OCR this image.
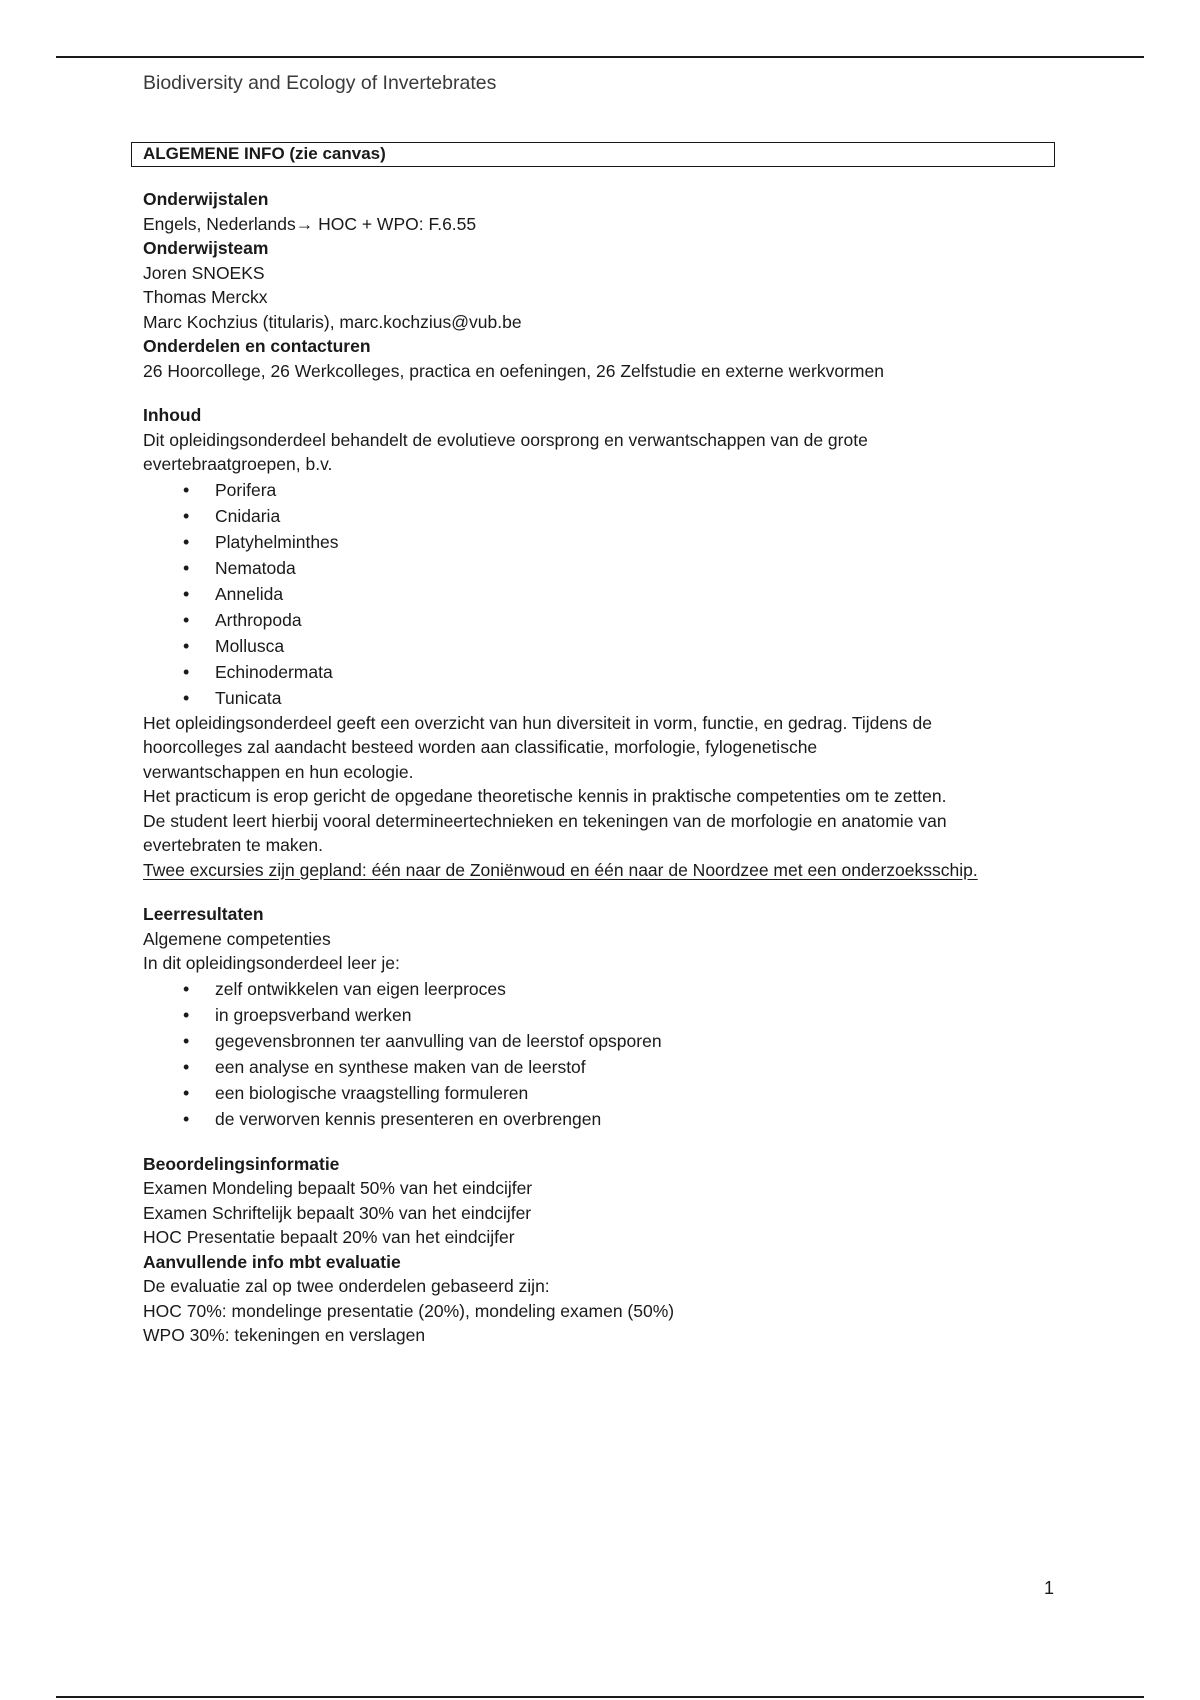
Biodiversity and Ecology of Invertebrates
ALGEMENE INFO (zie canvas)

Onderwijstalen

Engels, Nederlands→ HOC + WPO: F.6.55

Onderwijsteam

Joren SNOEKS

Thomas Merckx

Marc Kochzius (titularis), marc.kochzius@vub.be

Onderdelen en contacturen

26 Hoorcollege, 26 Werkcolleges, practica en oefeningen, 26 Zelfstudie en externe werkvormen

Inhoud

Dit opleidingsonderdeel behandelt de evolutieve oorsprong en verwantschappen van de grote

evertebraatgroepen, b.v.

• Porifera
• Cnidaria
• Platyhelminthes
• Nematoda
• Annelida
• Arthropoda
• Mollusca
• Echinodermata
• Tunicata

Het opleidingsonderdeel geeft een overzicht van hun diversiteit in vorm, functie, en gedrag. Tijdens de

hoorcolleges zal aandacht besteed worden aan classificatie, morfologie, fylogenetische

verwantschappen en hun ecologie.

Het practicum is erop gericht de opgedane theoretische kennis in praktische competenties om te zetten.

De student leert hierbij vooral determineertechnieken en tekeningen van de morfologie en anatomie van

evertebraten te maken.

Twee excursies zijn gepland: één naar de Zoniënwoud en één naar de Noordzee met een onderzoeksschip.

Leerresultaten

Algemene competenties

In dit opleidingsonderdeel leer je:

• zelf ontwikkelen van eigen leerproces
• in groepsverband werken
• gegevensbronnen ter aanvulling van de leerstof opsporen
• een analyse en synthese maken van de leerstof
• een biologische vraagstelling formuleren
• de verworven kennis presenteren en overbrengen

Beoordelingsinformatie

Examen Mondeling bepaalt 50% van het eindcijfer

Examen Schriftelijk bepaalt 30% van het eindcijfer

HOC Presentatie bepaalt 20% van het eindcijfer

Aanvullende info mbt evaluatie

De evaluatie zal op twee onderdelen gebaseerd zijn:

HOC 70%: mondelinge presentatie (20%), mondeling examen (50%)

WPO 30%: tekeningen en verslagen

1
